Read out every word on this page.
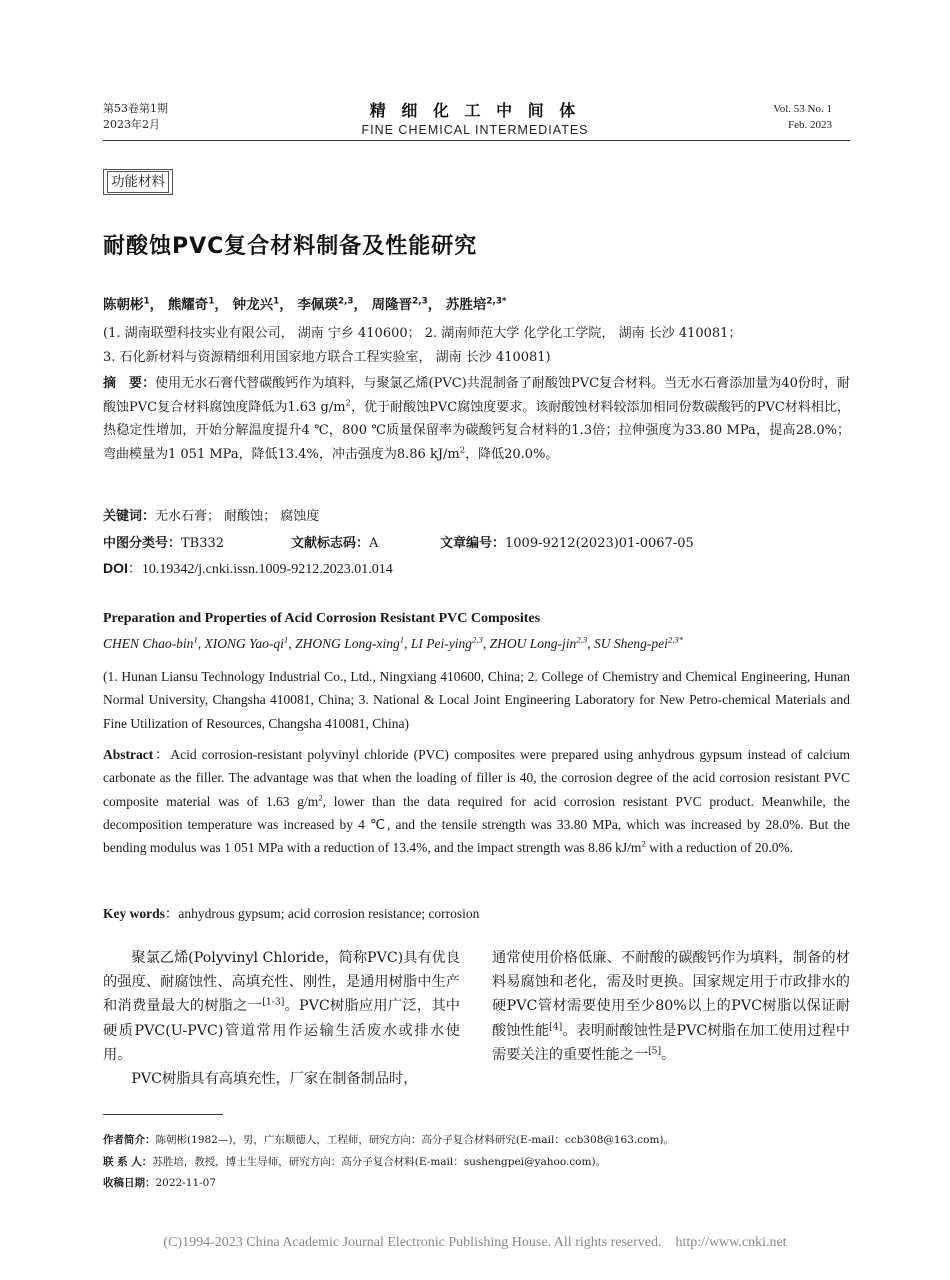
第53卷第1期
2023年2月
精 细 化 工 中 间 体
FINE CHEMICAL INTERMEDIATES
Vol. 53 No. 1
Feb. 2023
功能材料
耐酸蚀PVC复合材料制备及性能研究
陈朝彬$^1$， 熊耀奇$^1$， 钟龙兴$^1$， 李佩瑛$^{2,3}$， 周隆晋$^{2,3}$， 苏胜培$^{2,3*}$
(1. 湖南联塑科技实业有限公司， 湖南 宁乡 410600； 2. 湖南师范大学 化学化工学院， 湖南 长沙 410081；
3. 石化新材料与资源精细利用国家地方联合工程实验室， 湖南 长沙 410081)
摘　要：使用无水石膏代替碳酸钙作为填料，与聚氯乙烯(PVC)共混制备了耐酸蚀PVC复合材料。当无水石膏添加量为40份时，耐酸蚀PVC复合材料腐蚀度降低为1.63 $g/m^2$，优于耐酸蚀PVC腐蚀度要求。该耐酸蚀材料较添加相同份数碳酸钙的PVC材料相比，热稳定性增加，开始分解温度提升4 ℃，800 ℃质量保留率为碳酸钙复合材料的1.3倍；拉伸强度为33.80 MPa，提高28.0%；弯曲模量为1 051 MPa，降低13.4%，冲击强度为8.86 $kJ/m^2$，降低20.0%。
关键词：无水石膏； 耐酸蚀； 腐蚀度
中图分类号：TB332	文献标志码：A	文章编号：1009-9212(2023)01-0067-05
DOI：10.19342/j.cnki.issn.1009-9212.2023.01.014
Preparation and Properties of Acid Corrosion Resistant PVC Composites
CHEN Chao-bin$^1$, XIONG Yao-$qi^1$, ZHONG Long-xing$^1$, LI Pei-ying$^{2,3}$, ZHOU Long-jin$^{2,3}$, SU Sheng-pei$^{2,3*}$
(1. Hunan Liansu Technology Industrial Co., Ltd., Ningxiang 410600, China; 2. College of Chemistry and Chemical Engineering, Hunan Normal University, Changsha 410081, China; 3. National & Local Joint Engineering Laboratory for New Petro-chemical Materials and Fine Utilization of Resources, Changsha 410081, China)
Abstract：Acid corrosion-resistant polyvinyl chloride (PVC) composites were prepared using anhydrous gypsum instead of calcium carbonate as the filler. The advantage was that when the loading of filler is 40, the corrosion degree of the acid corrosion resistant PVC composite material was of 1.63 $g/m^2$, lower than the data required for acid corrosion resistant PVC product. Meanwhile, the decomposition temperature was increased by 4 ℃, and the tensile strength was 33.80 MPa, which was increased by 28.0%. But the bending modulus was 1 051 MPa with a reduction of 13.4%, and the impact strength was 8.86 $kJ/m^2$ with a reduction of 20.0%.
Key words：anhydrous gypsum; acid corrosion resistance; corrosion
聚氯乙烯(Polyvinyl Chloride，简称PVC)具有优良的强度、耐腐蚀性、高填充性、刚性，是通用树脂中生产和消费量最大的树脂之一[1-3]。PVC树脂应用广泛，其中硬质PVC(U-PVC)管道常用作运输生活废水或排水使用。
PVC树脂具有高填充性，厂家在制备制品时，
通常使用价格低廉、不耐酸的碳酸钙作为填料，制备的材料易腐蚀和老化，需及时更换。国家规定用于市政排水的硬PVC管材需要使用至少80%以上的PVC树脂以保证耐酸蚀性能[4]。表明耐酸蚀性是PVC树脂在加工使用过程中需要关注的重要性能之一[5]。
作者简介：陈朝彬(1982—)，男，广东顺德人，工程师，研究方向：高分子复合材料研究(E-mail：ccb308@163.com)。
联 系 人：苏胜培，教授，博士生导师，研究方向：高分子复合材料(E-mail：sushengpei@yahoo.com)。
收稿日期：2022-11-07
(C)1994-2023 China Academic Journal Electronic Publishing House. All rights reserved.    http://www.cnki.net
